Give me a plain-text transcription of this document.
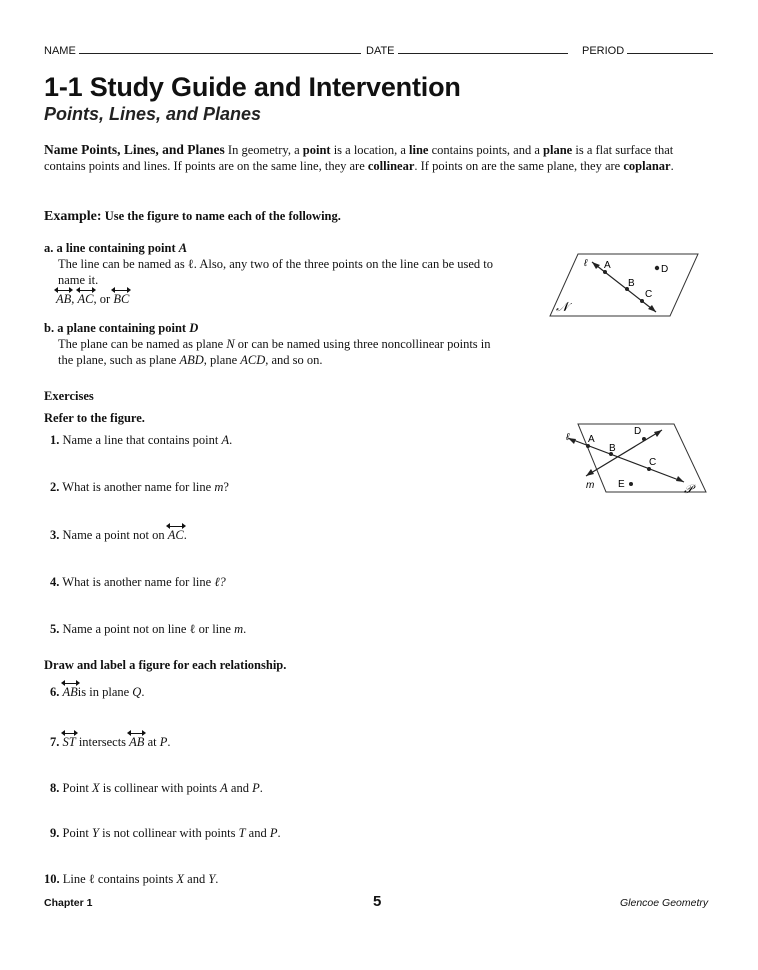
NAME	DATE	PERIOD
1-1 Study Guide and Intervention
Points, Lines, and Planes
Name Points, Lines, and Planes In geometry, a point is a location, a line contains points, and a plane is a flat surface that contains points and lines. If points are on the same line, they are collinear. If points on are the same plane, they are coplanar.
Example: Use the figure to name each of the following.
a. a line containing point A
The line can be named as ℓ. Also, any two of the three points on the line can be used to
name it.
AB,
AC, or
BC
b. a plane containing point D
The plane can be named as plane N or can be named using three noncollinear points in
the plane, such as plane ABD, plane ACD, and so on.
ℓ A
B
C
D
𝒩
Exercises
Refer to the figure.
1. Name a line that contains point A.
2. What is another name for line m?
3. Name a point not on
AC.
4. What is another name for line ℓ?
5. Name a point not on line ℓ or line m.
ℓ A
B
C
D
E
m	𝒫
Draw and label a figure for each relationship.
6. ABis in plane Q.
7. ST intersects
AB at P.
8. Point X is collinear with points A and P.
9. Point Y is not collinear with points T and P.
10. Line ℓ contains points X and Y.
Chapter 1	5	Glencoe Geometry
